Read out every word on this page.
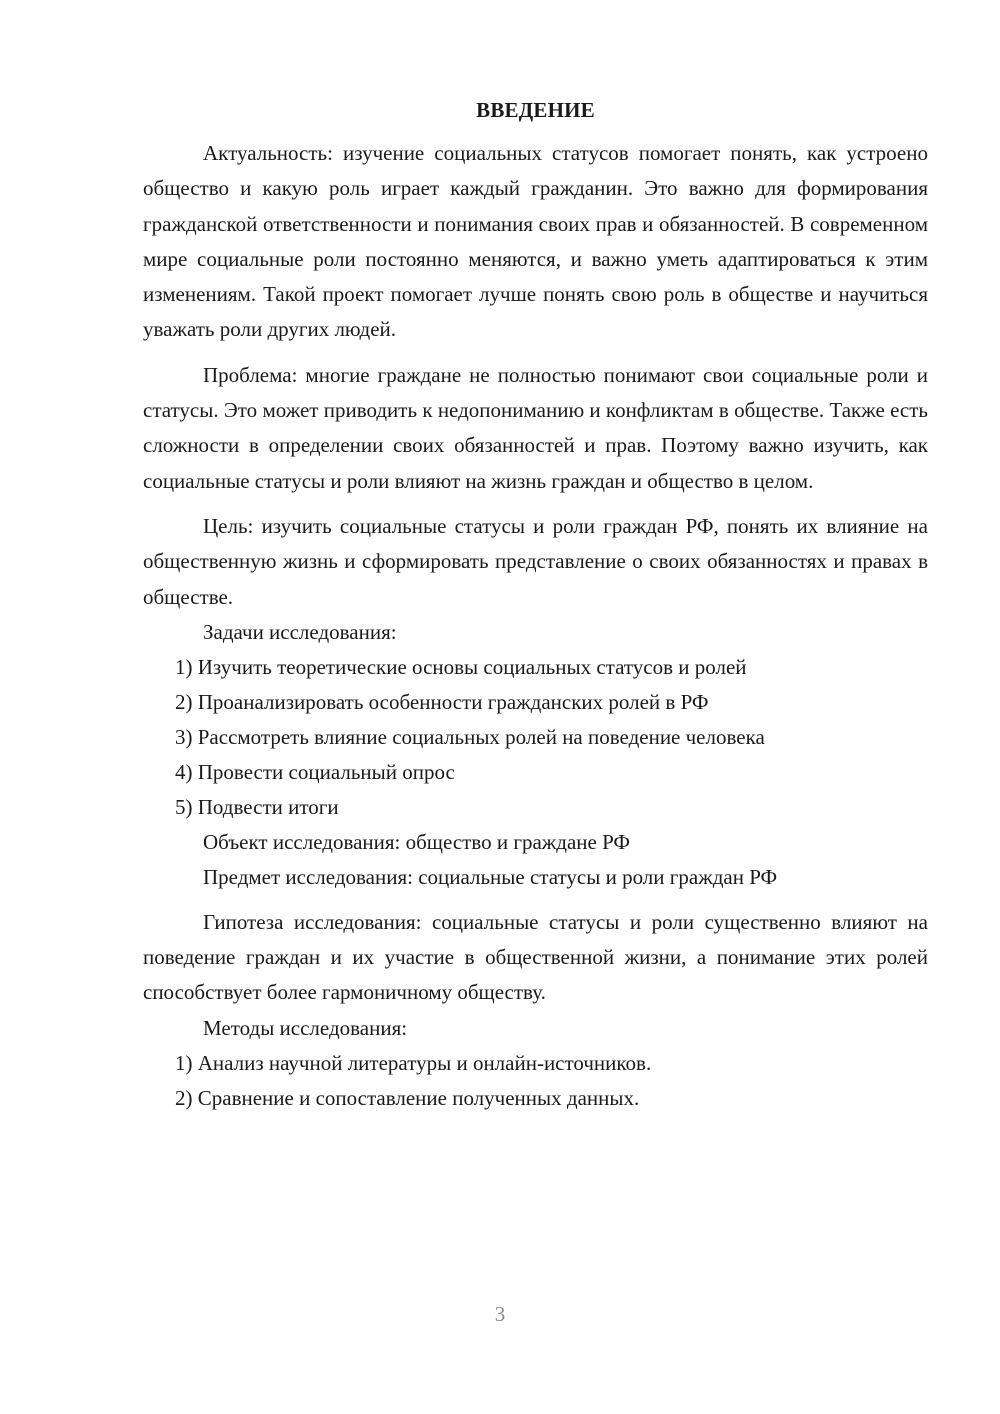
ВВЕДЕНИЕ

Актуальность: изучение социальных статусов помогает понять, как устроено общество и какую роль играет каждый гражданин. Это важно для формирования гражданской ответственности и понимания своих прав и обязанностей. В современном мире социальные роли постоянно меняются, и важно уметь адаптироваться к этим изменениям. Такой проект помогает лучше понять свою роль в обществе и научиться уважать роли других людей.

Проблема: многие граждане не полностью понимают свои социальные роли и статусы. Это может приводить к недопониманию и конфликтам в обществе. Также есть сложности в определении своих обязанностей и прав. Поэтому важно изучить, как социальные статусы и роли влияют на жизнь граждан и общество в целом.

Цель: изучить социальные статусы и роли граждан РФ, понять их влияние на общественную жизнь и сформировать представление о своих обязанностях и правах в обществе.

Задачи исследования:

1) Изучить теоретические основы социальных статусов и ролей

2) Проанализировать особенности гражданских ролей в РФ

3) Рассмотреть влияние социальных ролей на поведение человека

4) Провести социальный опрос

5) Подвести итоги

Объект исследования: общество и граждане РФ

Предмет исследования: социальные статусы и роли граждан РФ

Гипотеза исследования: социальные статусы и роли существенно влияют на поведение граждан и их участие в общественной жизни, а понимание этих ролей способствует более гармоничному обществу.

Методы исследования:

1) Анализ научной литературы и онлайн-источников.

2) Сравнение и сопоставление полученных данных.

3
